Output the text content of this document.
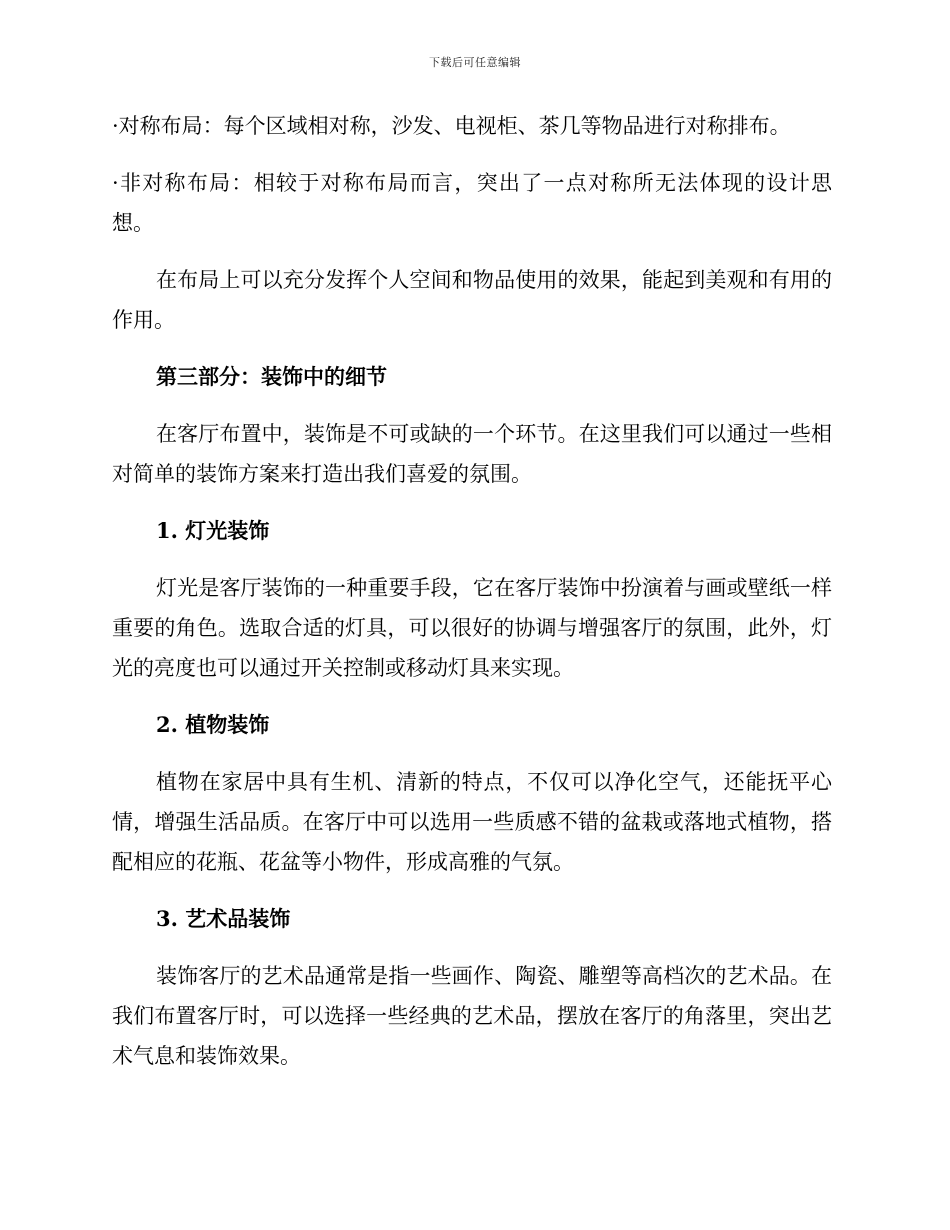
下载后可任意编辑

·对称布局：每个区域相对称，沙发、电视柜、茶几等物品进行对称排布。

·非对称布局：相较于对称布局而言，突出了一点对称所无法体现的设计思想。

在布局上可以充分发挥个人空间和物品使用的效果，能起到美观和有用的作用。

第三部分：装饰中的细节

在客厅布置中，装饰是不可或缺的一个环节。在这里我们可以通过一些相对简单的装饰方案来打造出我们喜爱的氛围。

1. 灯光装饰

灯光是客厅装饰的一种重要手段，它在客厅装饰中扮演着与画或壁纸一样重要的角色。选取合适的灯具，可以很好的协调与增强客厅的氛围，此外，灯光的亮度也可以通过开关控制或移动灯具来实现。

2. 植物装饰

植物在家居中具有生机、清新的特点，不仅可以净化空气，还能抚平心情，增强生活品质。在客厅中可以选用一些质感不错的盆栽或落地式植物，搭配相应的花瓶、花盆等小物件，形成高雅的气氛。

3. 艺术品装饰

装饰客厅的艺术品通常是指一些画作、陶瓷、雕塑等高档次的艺术品。在我们布置客厅时，可以选择一些经典的艺术品，摆放在客厅的角落里，突出艺术气息和装饰效果。
